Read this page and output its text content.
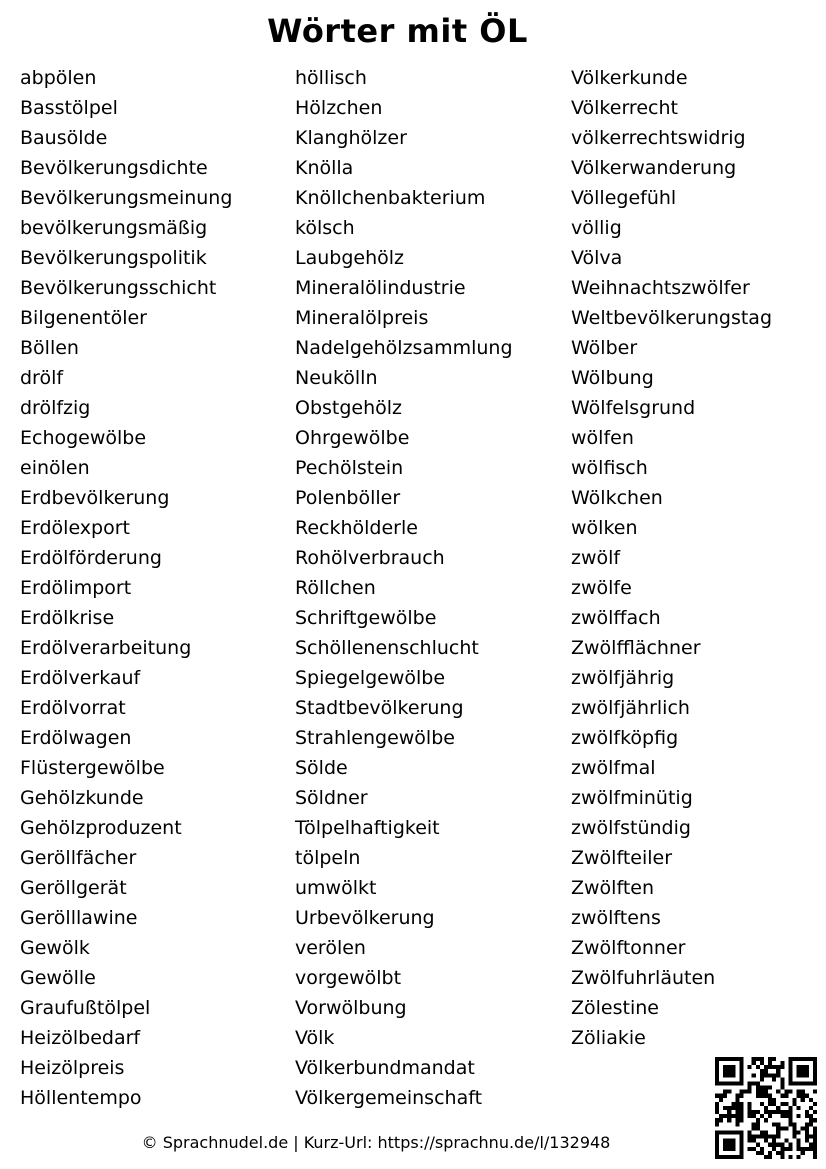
Wörter mit ÖL
abpölen
Basstölpel
Bausölde
Bevölkerungsdichte
Bevölkerungsmeinung
bevölkerungsmäßig
Bevölkerungspolitik
Bevölkerungsschicht
Bilgenentöler
Böllen
drölf
drölfzig
Echogewölbe
einölen
Erdbevölkerung
Erdölexport
Erdölförderung
Erdölimport
Erdölkrise
Erdölverarbeitung
Erdölverkauf
Erdölvorrat
Erdölwagen
Flüstergewölbe
Gehölzkunde
Gehölzproduzent
Geröllfächer
Geröllgerät
Gerölllawine
Gewölk
Gewölle
Graufußtölpel
Heizölbedarf
Heizölpreis
Höllentempo
höllisch
Hölzchen
Klanghölzer
Knölla
Knöllchenbakterium
kölsch
Laubgehölz
Mineralölindustrie
Mineralölpreis
Nadelgehölzsammlung
Neukölln
Obstgehölz
Ohrgewölbe
Pechölstein
Polenböller
Reckhölderle
Rohölverbrauch
Röllchen
Schriftgewölbe
Schöllenenschlucht
Spiegelgewölbe
Stadtbevölkerung
Strahlengewölbe
Sölde
Söldner
Tölpelhaftigkeit
tölpeln
umwölkt
Urbevölkerung
verölen
vorgewölbt
Vorwölbung
Völk
Völkerbundmandat
Völkergemeinschaft
Völkerkunde
Völkerrecht
völkerrechtswidrig
Völkerwanderung
Völlegefühl
völlig
Völva
Weihnachtszwölfer
Weltbevölkerungstag
Wölber
Wölbung
Wölfelsgrund
wölfen
wölfisch
Wölkchen
wölken
zwölf
zwölfe
zwölffach
Zwölfflächner
zwölfjährig
zwölfjährlich
zwölfköpfig
zwölfmal
zwölfminütig
zwölfstündig
Zwölfteiler
Zwölften
zwölftens
Zwölftonner
Zwölfuhrläuten
Zölestine
Zöliakie
© Sprachnudel.de | Kurz-Url: https://sprachnu.de/l/132948
